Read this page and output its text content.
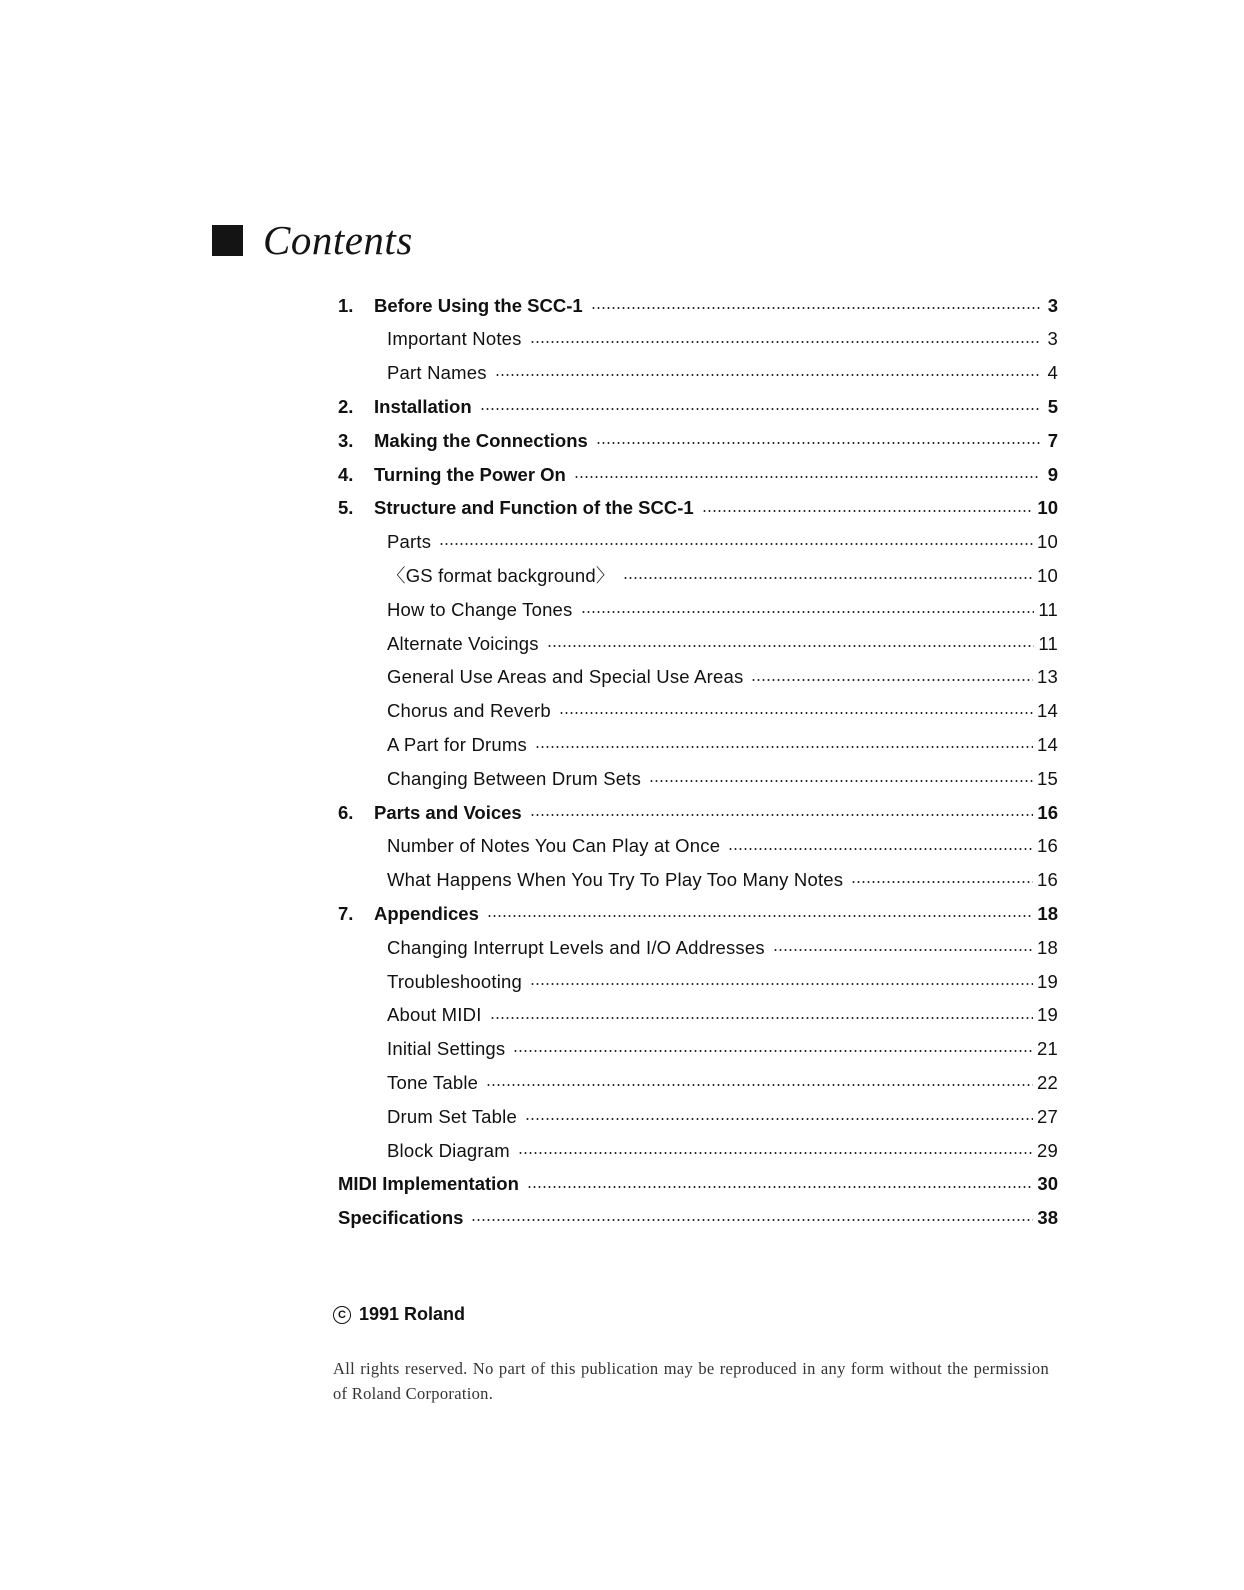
Contents
1.	Before Using the SCC-1	3
Important Notes	3
Part Names	4
2.	Installation	5
3.	Making the Connections	7
4.	Turning the Power On	9
5.	Structure and Function of the SCC-1	10
Parts	10
〈GS format background〉	10
How to Change Tones	11
Alternate Voicings	11
General Use Areas and Special Use Areas	13
Chorus and Reverb	14
A Part for Drums	14
Changing Between Drum Sets	15
6.	Parts and Voices	16
Number of Notes You Can Play at Once	16
What Happens When You Try To Play Too Many Notes	16
7.	Appendices	18
Changing Interrupt Levels and I/O Addresses	18
Troubleshooting	19
About MIDI	19
Initial Settings	21
Tone Table	22
Drum Set Table	27
Block Diagram	29
MIDI Implementation	30
Specifications	38
C 1991 Roland
All rights reserved. No part of this publication may be reproduced in any form without the permission of Roland Corporation.
